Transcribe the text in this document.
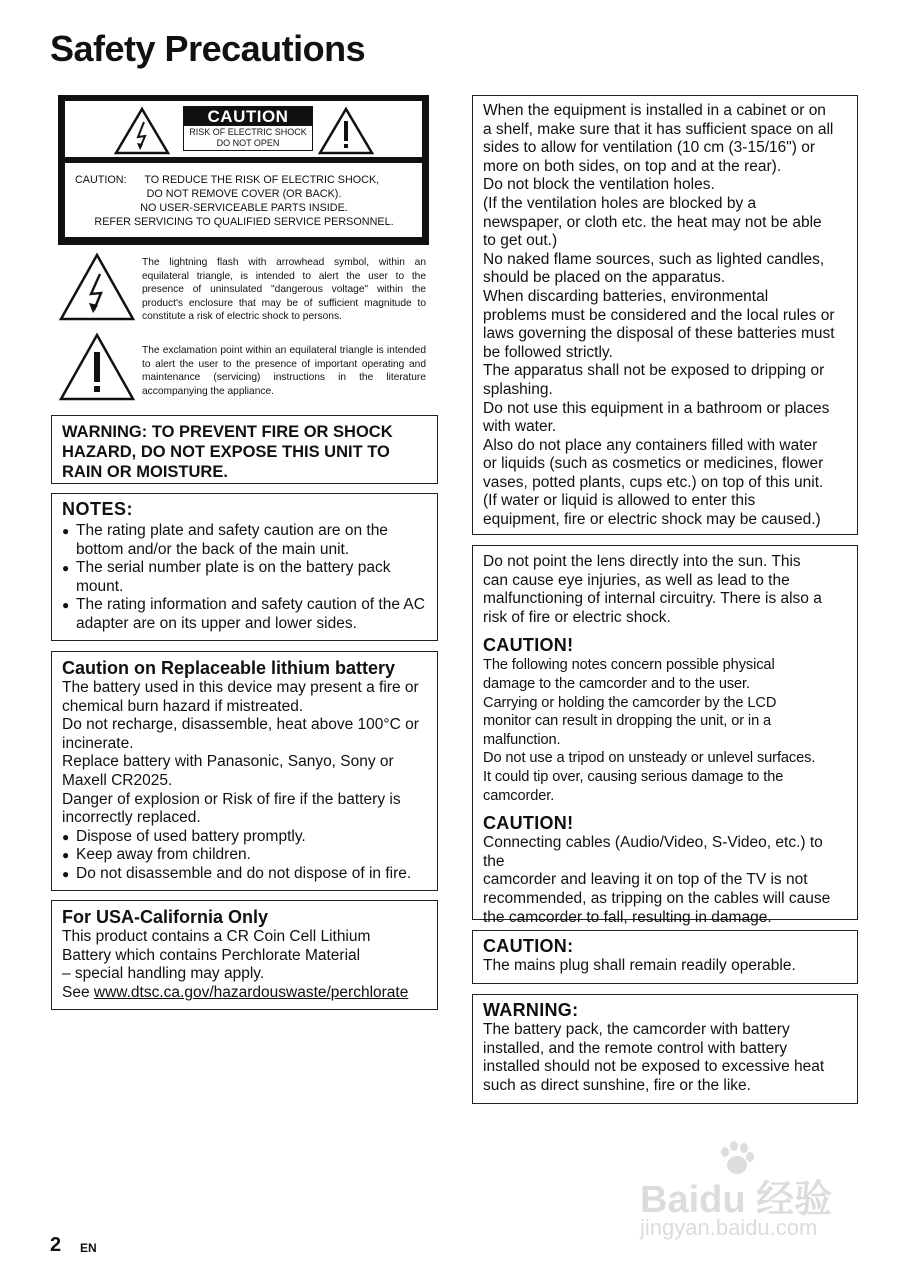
Safety Precautions
CAUTION
RISK OF ELECTRIC SHOCK
DO NOT OPEN
CAUTION:      TO REDUCE THE RISK OF ELECTRIC SHOCK,
DO NOT REMOVE COVER (OR BACK).
NO USER-SERVICEABLE PARTS INSIDE.
REFER SERVICING TO QUALIFIED SERVICE PERSONNEL.

The lightning flash with arrowhead symbol, within an equilateral triangle, is intended to alert the user to the presence of uninsulated "dangerous voltage" within the product's enclosure that may be of sufficient magnitude to constitute a risk of electric shock to persons.

The exclamation point within an equilateral triangle is intended to alert the user to the presence of important operating and maintenance (servicing) instructions in the literature accompanying the appliance.

WARNING: TO PREVENT FIRE OR SHOCK HAZARD, DO NOT EXPOSE THIS UNIT TO RAIN OR MOISTURE.

NOTES:

● The rating plate and safety caution are on the bottom and/or the back of the main unit.
● The serial number plate is on the battery pack mount.
● The rating information and safety caution of the AC adapter are on its upper and lower sides.

Caution on Replaceable lithium battery

The battery used in this device may present a fire or chemical burn hazard if mistreated.

Do not recharge, disassemble, heat above 100°C or incinerate.

Replace battery with Panasonic, Sanyo, Sony or Maxell CR2025.

Danger of explosion or Risk of fire if the battery is incorrectly replaced.

● Dispose of used battery promptly.
● Keep away from children.
● Do not disassemble and do not dispose of in fire.

For USA-California Only

This product contains a CR Coin Cell Lithium

Battery which contains Perchlorate Material

– special handling may apply.

See www.dtsc.ca.gov/hazardouswaste/perchlorate

When the equipment is installed in a cabinet or on

a shelf, make sure that it has sufficient space on all

sides to allow for ventilation (10 cm (3-15/16") or

more on both sides, on top and at the rear).

Do not block the ventilation holes.

(If the ventilation holes are blocked by a

newspaper, or cloth etc. the heat may not be able

to get out.)

No naked flame sources, such as lighted candles,

should be placed on the apparatus.

When discarding batteries, environmental

problems must be considered and the local rules or

laws governing the disposal of these batteries must

be followed strictly.

The apparatus shall not be exposed to dripping or

splashing.

Do not use this equipment in a bathroom or places

with water.

Also do not place any containers filled with water

or liquids (such as cosmetics or medicines, flower

vases, potted plants, cups etc.) on top of this unit.

(If water or liquid is allowed to enter this

equipment, fire or electric shock may be caused.)

Do not point the lens directly into the sun. This

can cause eye injuries, as well as lead to the

malfunctioning of internal circuitry. There is also a

risk of fire or electric shock.

CAUTION!

The following notes concern possible physical

damage to the camcorder and to the user.

Carrying or holding the camcorder by the LCD

monitor can result in dropping the unit, or in a

malfunction.

Do not use a tripod on unsteady or unlevel surfaces.

It could tip over, causing serious damage to the

camcorder.

CAUTION!

Connecting cables (Audio/Video, S-Video, etc.) to the

camcorder and leaving it on top of the TV is not

recommended, as tripping on the cables will cause

the camcorder to fall, resulting in damage.

CAUTION:

The mains plug shall remain readily operable.

WARNING:

The battery pack, the camcorder with battery

installed, and the remote control with battery

installed should not be exposed to excessive heat

such as direct sunshine, fire or the like.

2 EN
Baidu 经验
jingyan.baidu.com
